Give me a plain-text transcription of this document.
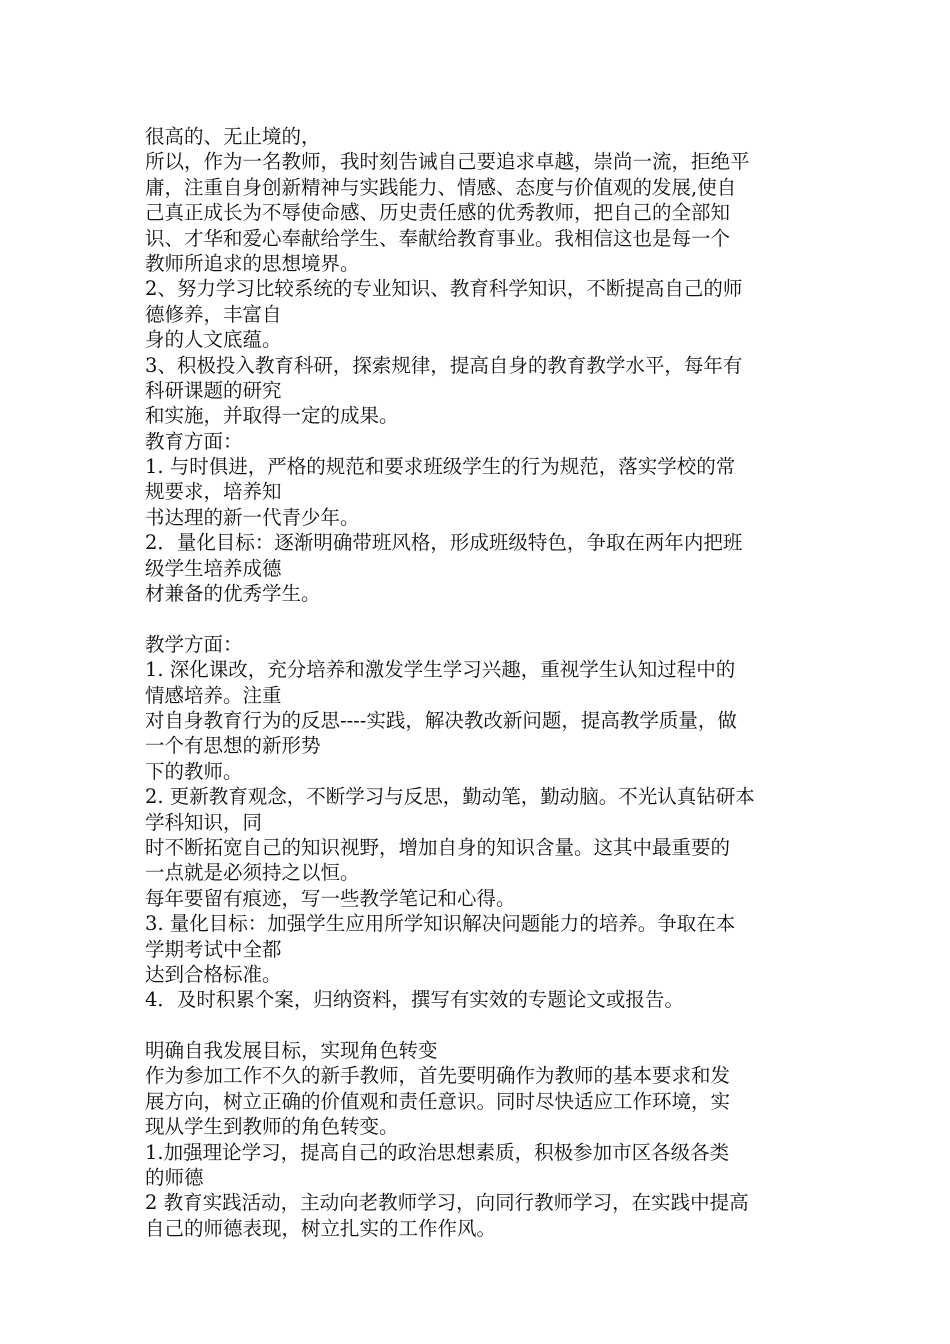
很高的、无止境的，
所以，作为一名教师，我时刻告诫自己要追求卓越，崇尚一流，拒绝平
庸，注重自身创新精神与实践能力、情感、态度与价值观的发展,使自
己真正成长为不辱使命感、历史责任感的优秀教师，把自己的全部知
识、才华和爱心奉献给学生、奉献给教育事业。我相信这也是每一个
教师所追求的思想境界。
2、努力学习比较系统的专业知识、教育科学知识，不断提高自己的师
德修养，丰富自
身的人文底蕴。
3、积极投入教育科研，探索规律，提高自身的教育教学水平，每年有
科研课题的研究
和实施，并取得一定的成果。
教育方面：
1. 与时俱进，严格的规范和要求班级学生的行为规范，落实学校的常
规要求，培养知
书达理的新一代青少年。
2．量化目标：逐渐明确带班风格，形成班级特色，争取在两年内把班
级学生培养成德
材兼备的优秀学生。
教学方面：
1. 深化课改，充分培养和激发学生学习兴趣，重视学生认知过程中的
情感培养。注重
对自身教育行为的反思----实践，解决教改新问题，提高教学质量，做
一个有思想的新形势
下的教师。
2. 更新教育观念，不断学习与反思，勤动笔，勤动脑。不光认真钻研本
学科知识，同
时不断拓宽自己的知识视野，增加自身的知识含量。这其中最重要的
一点就是必须持之以恒。
每年要留有痕迹，写一些教学笔记和心得。
3. 量化目标：加强学生应用所学知识解决问题能力的培养。争取在本
学期考试中全都
达到合格标准。
4．及时积累个案，归纳资料，撰写有实效的专题论文或报告。
明确自我发展目标，实现角色转变
作为参加工作不久的新手教师，首先要明确作为教师的基本要求和发
展方向，树立正确的价值观和责任意识。同时尽快适应工作环境，实
现从学生到教师的角色转变。
1.加强理论学习，提高自己的政治思想素质，积极参加市区各级各类
的师德
2 教育实践活动，主动向老教师学习，向同行教师学习，在实践中提高
自己的师德表现，树立扎实的工作作风。
